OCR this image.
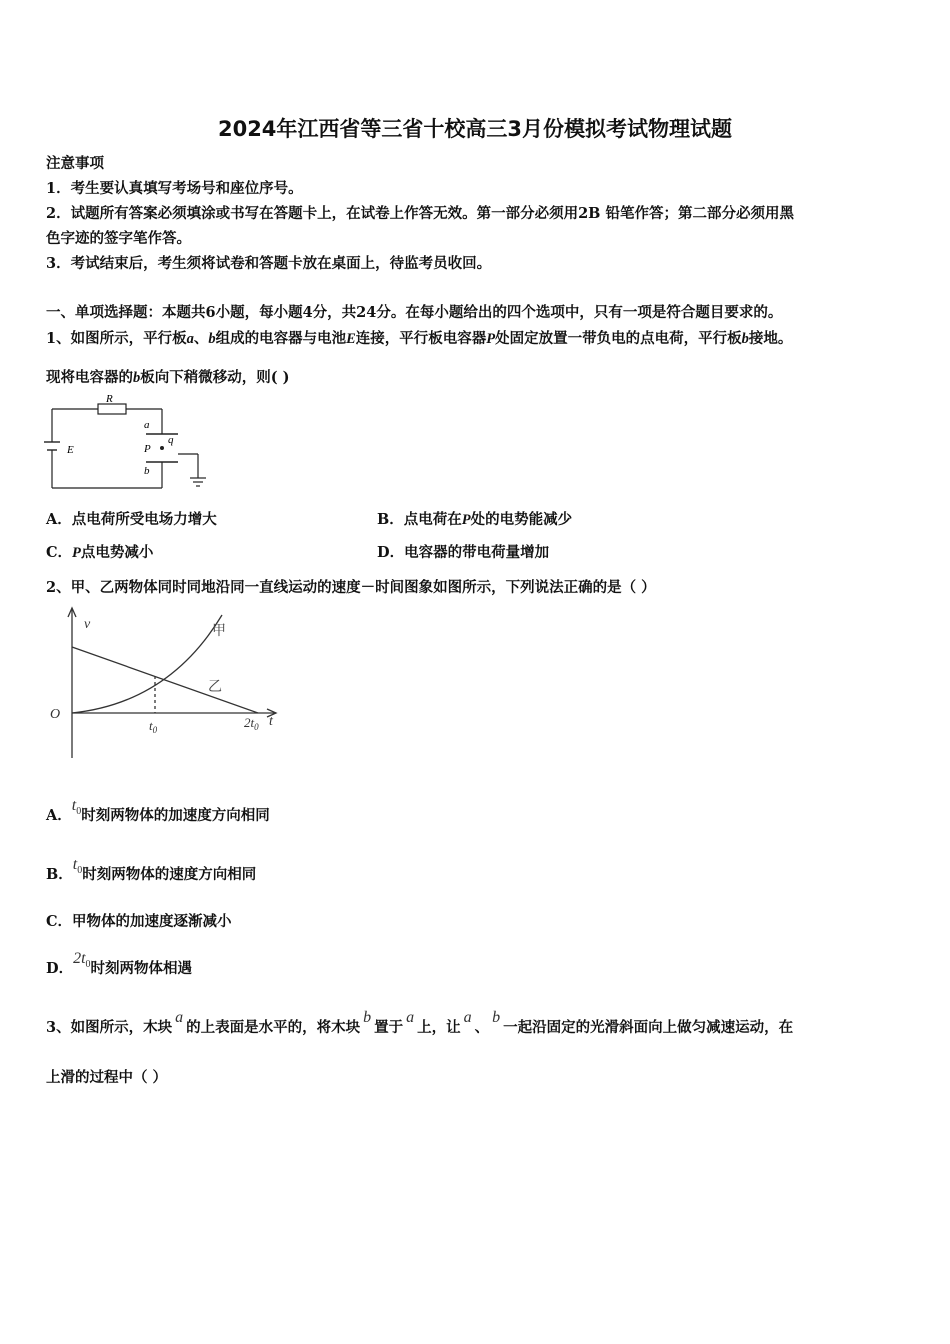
2024年江西省等三省十校高三3月份模拟考试物理试题
注意事项
1．考生要认真填写考场号和座位序号。
2．试题所有答案必须填涂或书写在答题卡上，在试卷上作答无效。第一部分必须用2B 铅笔作答；第二部分必须用黑
色字迹的签字笔作答。
3．考试结束后，考生须将试卷和答题卡放在桌面上，待监考员收回。
一、单项选择题：本题共6小题，每小题4分，共24分。在每小题给出的四个选项中，只有一项是符合题目要求的。
1、如图所示，平行板a、b组成的电容器与电池E连接，平行板电容器P处固定放置一带负电的点电荷，平行板b接地。
现将电容器的b板向下稍微移动，则( )
R
E
a
P
q
b
A．点电荷所受电场力增大	B．点电荷在P处的电势能减少
C．P点电势减小	D．电容器的带电荷量增加
2、甲、乙两物体同时同地沿同一直线运动的速度－时间图象如图所示，下列说法正确的是（ ）
v
t
O
$t_0$	$2t_0$
甲
乙
A．$t_0$时刻两物体的加速度方向相同
B．$t_0$时刻两物体的速度方向相同
C．甲物体的加速度逐渐减小
D．$2t_0$时刻两物体相遇
3、如图所示，木块a的上表面是水平的，将木块b置于a上，让a、b一起沿固定的光滑斜面向上做匀减速运动，在
上滑的过程中（ ）
